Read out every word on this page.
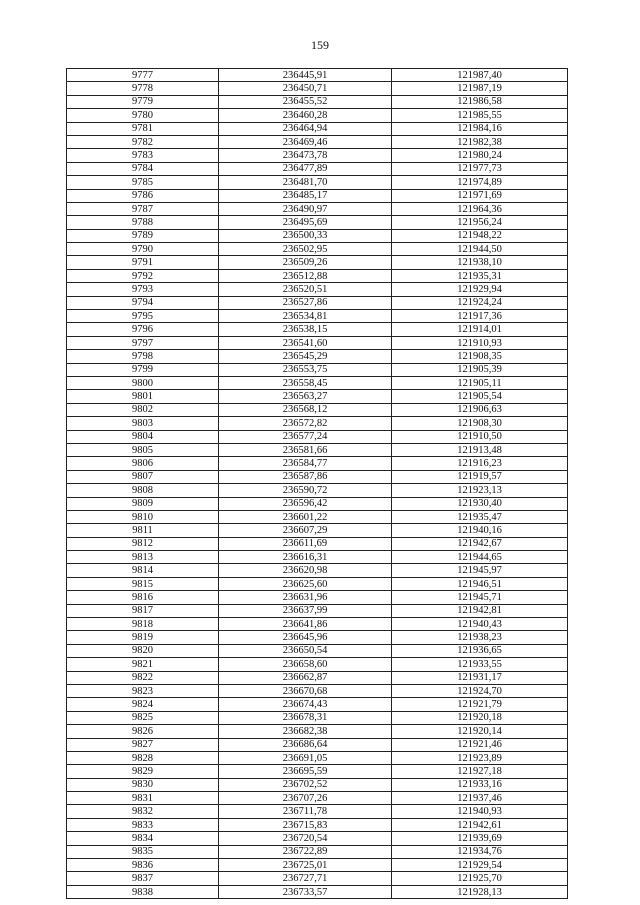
159
9777	236445,91	121987,40
9778	236450,71	121987,19
9779	236455,52	121986,58
9780	236460,28	121985,55
9781	236464,94	121984,16
9782	236469,46	121982,38
9783	236473,78	121980,24
9784	236477,89	121977,73
9785	236481,70	121974,89
9786	236485,17	121971,69
9787	236490,97	121964,36
9788	236495,69	121956,24
9789	236500,33	121948,22
9790	236502,95	121944,50
9791	236509,26	121938,10
9792	236512,88	121935,31
9793	236520,51	121929,94
9794	236527,86	121924,24
9795	236534,81	121917,36
9796	236538,15	121914,01
9797	236541,60	121910,93
9798	236545,29	121908,35
9799	236553,75	121905,39
9800	236558,45	121905,11
9801	236563,27	121905,54
9802	236568,12	121906,63
9803	236572,82	121908,30
9804	236577,24	121910,50
9805	236581,66	121913,48
9806	236584,77	121916,23
9807	236587,86	121919,57
9808	236590,72	121923,13
9809	236596,42	121930,40
9810	236601,22	121935,47
9811	236607,29	121940,16
9812	236611,69	121942,67
9813	236616,31	121944,65
9814	236620,98	121945,97
9815	236625,60	121946,51
9816	236631,96	121945,71
9817	236637,99	121942,81
9818	236641,86	121940,43
9819	236645,96	121938,23
9820	236650,54	121936,65
9821	236658,60	121933,55
9822	236662,87	121931,17
9823	236670,68	121924,70
9824	236674,43	121921,79
9825	236678,31	121920,18
9826	236682,38	121920,14
9827	236686,64	121921,46
9828	236691,05	121923,89
9829	236695,59	121927,18
9830	236702,52	121933,16
9831	236707,26	121937,46
9832	236711,78	121940,93
9833	236715,83	121942,61
9834	236720,54	121939,69
9835	236722,89	121934,76
9836	236725,01	121929,54
9837	236727,71	121925,70
9838	236733,57	121928,13
